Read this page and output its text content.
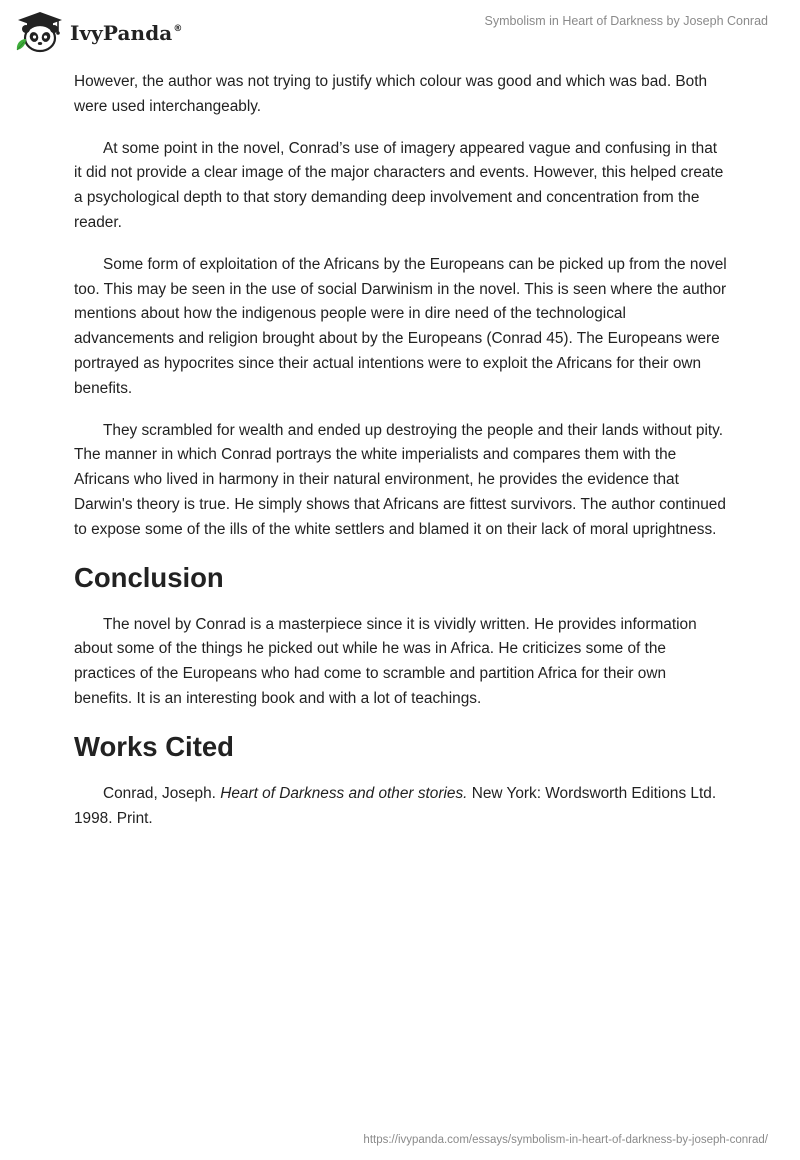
IvyPanda®
Symbolism in Heart of Darkness by Joseph Conrad

However, the author was not trying to justify which colour was good and which was bad. Both were used interchangeably.

At some point in the novel, Conrad’s use of imagery appeared vague and confusing in that it did not provide a clear image of the major characters and events. However, this helped create a psychological depth to that story demanding deep involvement and concentration from the reader.

Some form of exploitation of the Africans by the Europeans can be picked up from the novel too. This may be seen in the use of social Darwinism in the novel. This is seen where the author mentions about how the indigenous people were in dire need of the technological advancements and religion brought about by the Europeans (Conrad 45). The Europeans were portrayed as hypocrites since their actual intentions were to exploit the Africans for their own benefits.

They scrambled for wealth and ended up destroying the people and their lands without pity. The manner in which Conrad portrays the white imperialists and compares them with the Africans who lived in harmony in their natural environment, he provides the evidence that Darwin's theory is true. He simply shows that Africans are fittest survivors. The author continued to expose some of the ills of the white settlers and blamed it on their lack of moral uprightness.

Conclusion

The novel by Conrad is a masterpiece since it is vividly written. He provides information about some of the things he picked out while he was in Africa. He criticizes some of the practices of the Europeans who had come to scramble and partition Africa for their own benefits. It is an interesting book and with a lot of teachings.

Works Cited

Conrad, Joseph. Heart of Darkness and other stories. New York: Wordsworth Editions Ltd. 1998. Print.

https://ivypanda.com/essays/symbolism-in-heart-of-darkness-by-joseph-conrad/
